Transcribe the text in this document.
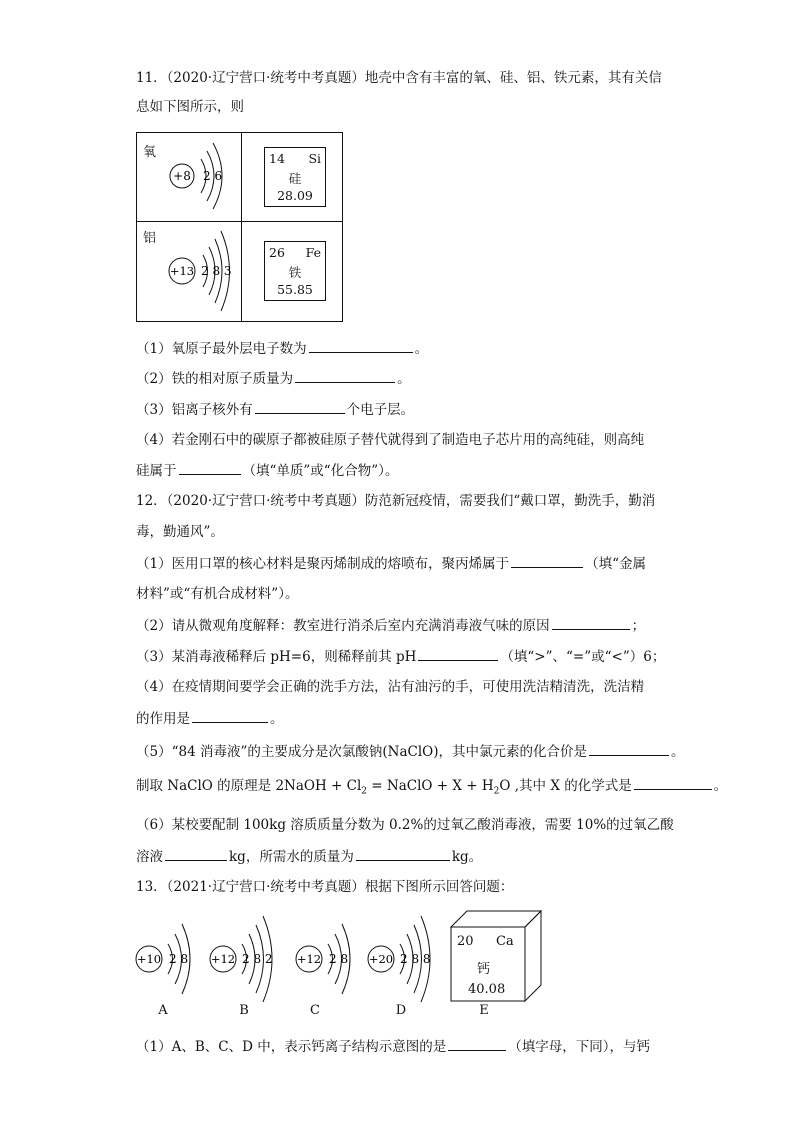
11．（2020·辽宁营口·统考中考真题）地壳中含有丰富的氧、硅、铝、铁元素，其有关信
息如下图所示，则
氧
铝
+8 2 6
+13 2 8 3
14 Si
硅
28.09
26 Fe
铁
55.85
（1）氧原子最外层电子数为	。
（2）铁的相对原子质量为	。
（3）铝离子核外有	个电子层。
（4）若金刚石中的碳原子都被硅原子替代就得到了制造电子芯片用的高纯硅，则高纯
硅属于	（填“单质”或“化合物”）。
12．（2020·辽宁营口·统考中考真题）防范新冠疫情，需要我们“戴口罩，勤洗手，勤消
毒，勤通风”。
（1）医用口罩的核心材料是聚丙烯制成的熔喷布，聚丙烯属于	（填“金属
材料”或“有机合成材料”）。
（2）请从微观角度解释：教室进行消杀后室内充满消毒液气味的原因	；
（3）某消毒液稀释后 pH=6，则稀释前其 pH	（填“>”、“=”或“<”）6；
（4）在疫情期间要学会正确的洗手方法，沾有油污的手，可使用洗洁精清洗，洗洁精
的作用是	。
（5）“84 消毒液”的主要成分是次氯酸钠(NaClO)，其中氯元素的化合价是	。
制取 NaClO 的原理是 2NaOH + $Cl_2$ = NaClO + $X + H_2O$ ,其中 X 的化学式是	。
（6）某校要配制 100kg 溶质质量分数为 0.2%的过氧乙酸消毒液，需要 10%的过氧乙酸
溶液	kg，所需水的质量为	kg。
13．（2021·辽宁营口·统考中考真题）根据下图所示回答问题：
+10 2 8
A
+12 2 8 2
B
+12 2 8
C
+20 2 8 8
D
20 Ca
钙
40.08
E
（1）A、B、C、D 中，表示钙离子结构示意图的是	（填字母，下同），与钙
